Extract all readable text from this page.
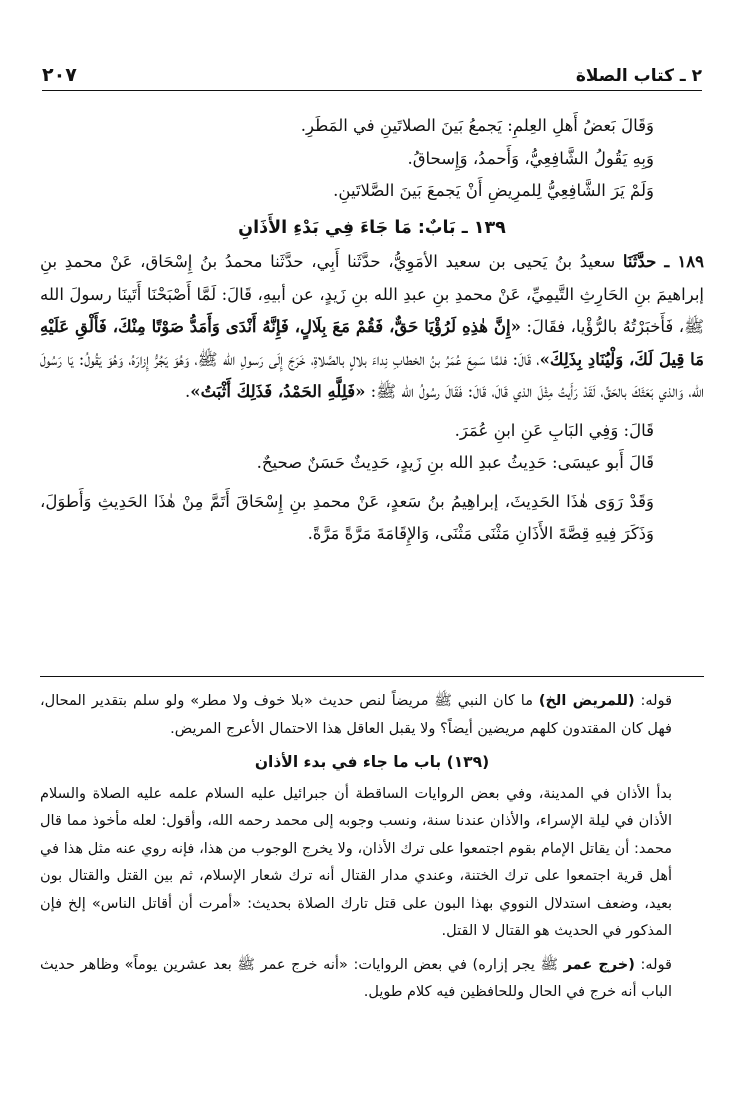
٢ ـ كتاب الصلاة
٢٠٧

وَقَالَ بَعضُ أَهلِ العِلمِ: يَجمعُ بَينَ الصلاتَينِ في المَطَرِ.

وَبِهِ يَقُولُ الشَّافِعِيُّ، وَأَحمدُ، وَإِسحاقُ.

وَلَمْ يَرَ الشَّافِعِيُّ لِلمرِيضِ أَنْ يَجمعَ بَينَ الصَّلاتَينِ.

١٣٩ ـ بَابٌ: مَا جَاءَ فِي بَدْءِ الأَذَانِ

١٨٩ ـ حدَّثَنَا سعيدُ بنُ يَحيى بن سعيد الأمَوِيُّ، حدَّثَنا أَبِي، حدَّثَنا محمدُ بنُ إِسْحَاق، عَنْ محمدِ بنِ إبراهيمَ بنِ الحَارِثِ التَّيمِيِّ، عَنْ محمدِ بنِ عبدِ الله بنِ زَيدٍ، عن أبيهِ، قَالَ: لَمَّا أَصْبَحْنَا أَتَينَا رسولَ الله ﷺ، فَأَخبَرْتُهُ بالرُّؤْيا، فقَالَ: «إِنَّ هٰذِهِ لَرُؤْيَا حَقٌّ، فَقُمْ مَعَ بِلَالٍ، فَإِنَّهُ أَنْدَى وَأَمَدُّ صَوْتًا مِنْكَ، فَأَلْقِ عَلَيْهِ مَا قِيلَ لَكَ، وَلْيُنَادِ بِذَلِكَ»، قَالَ: فلمَّا سَمِعَ عُمَرُ بنُ الخطابِ نِداءَ بلالٍ بالصَّلاةِ، خَرَجَ إِلَى رَسولِ الله ﷺ، وَهُوَ يَجُرُّ إِزارَهُ، وَهُوَ يَقُولُ: يَا رَسُولَ الله، وَالذي بَعَثَكَ بالحَقِّ، لَقَدْ رَأَيتُ مِثْلَ الذي قَالَ، قَالَ: فَقَالَ رسُولُ الله ﷺ: «فَلِلَّهِ الحَمْدُ، فَذَلِكَ أَثْبَتُ».

قَالَ: وَفِي البَابِ عَنِ ابنِ عُمَرَ.

قَالَ أَبو عيسَى: حَدِيثُ عبدِ الله بنِ زَيدٍ، حَدِيثٌ حَسَنٌ صحيحٌ.

وَقَدْ رَوَى هٰذَا الحَدِيثَ، إبراهِيمُ بنُ سَعدٍ، عَنْ محمدِ بنِ إِسْحَاقَ أَتَمَّ مِنْ هٰذَا الحَدِيثِ وَأَطوَلَ، وَذَكَرَ فِيهِ قِصَّةَ الأَذَانِ مَثْنَى مَثْنَى، وَالإِقَامَةَ مَرَّةً مَرَّةً.

قوله: (للمريض الخ) ما كان النبي ﷺ مريضاً لنص حديث «بلا خوف ولا مطر» ولو سلم بتقدير المحال، فهل كان المقتدون كلهم مريضين أيضاً؟ ولا يقبل العاقل هذا الاحتمال الأعرج المريض.

(١٣٩) باب ما جاء في بدء الأذان

بدأ الأذان في المدينة، وفي بعض الروايات الساقطة أن جبرائيل عليه السلام علمه عليه الصلاة والسلام الأذان في ليلة الإسراء، والأذان عندنا سنة، ونسب وجوبه إلى محمد رحمه الله، وأقول: لعله مأخوذ مما قال محمد: أن يقاتل الإمام بقوم اجتمعوا على ترك الأذان، ولا يخرج الوجوب من هذا، فإنه روي عنه مثل هذا في أهل قرية اجتمعوا على ترك الختنة، وعندي مدار القتال أنه ترك شعار الإسلام، ثم بين القتل والقتال بون بعيد، وضعف استدلال النووي بهذا البون على قتل تارك الصلاة بحديث: «أمرت أن أقاتل الناس» إلخ فإن المذكور في الحديث هو القتال لا القتل.

قوله: (خرج عمر ﷺ يجر إزاره) في بعض الروايات: «أنه خرج عمر ﷺ بعد عشرين يوماً» وظاهر حديث الباب أنه خرج في الحال وللحافظين فيه كلام طويل.
